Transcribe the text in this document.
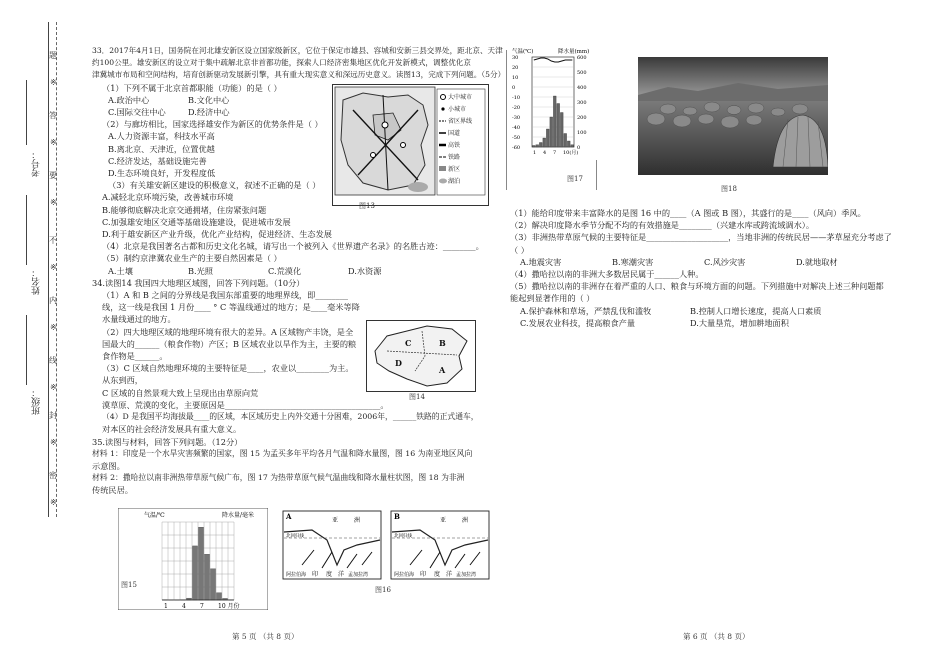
题
※
答
※
要
※
不
※
内
※
线
※
封
※
密
※
考号：
姓名：
班级：

33．2017年4月1日，国务院在河北雄安新区设立国家级新区，它位于保定市雄县、容城和安新三县交界处，距北京、天津

约100公里。雄安新区的设立对于集中疏解北京非首都功能，探索人口经济密集地区优化开发新模式，调整优化京

津冀城市布局和空间结构，培育创新驱动发展新引擎，具有重大现实意义和深远历史意义。读图13，完成下列问题。（5分）

（1）下列不属于北京首都职能（功能）的是（ ）

A.政治中心	B.文化中心

C.国际交往中心	D.经济中心

（2）与廊坊相比，国家选择雄安作为新区的优势条件是（ ）

A.人力资源丰富，科技水平高

B.离北京、天津近，位置优越

C.经济发达，基础设施完善

D.生态环境良好，开发程度低

（3）有关雄安新区建设的积极意义，叙述不正确的是（ ）

A.减轻北京环境污染，改善城市环境

B.能够彻底解决北京交通拥堵，住房紧张问题

C.加强雄安地区交通等基础设施建设，促进城市发展

D.利于雄安新区产业升级，优化产业结构，促进经济、生态发展

（4）北京是我国著名古都和历史文化名城，请写出一个被列入《世界遗产名录》的名胜古迹：________。

（5）制约京津冀农业生产的主要自然因素是（ ）

A.土壤	B.光照	C.荒漠化	D.水资源

34.读图14 我国四大地理区域图，回答下列问题。（10分）

（1）A 和 B 之间的分界线是我国东部重要的地理界线，即________

线，这一线是我国 1 月份____ ° C 等温线通过的地方；是____毫米等降

水量线通过的地方。

（2）四大地理区域的地理环境有很大的差异。A 区域物产丰饶，是全

国最大的______（粮食作物）产区；B 区域农业以旱作为主，主要的粮

食作物是______。

（3）C 区域自然地理环境的主要特征是____，农业以________为主。

从东到西，

C 区域的自然景观大致上呈现出由草原向荒

漠草原、荒漠的变化，主要原因是______________________________________。

（4）D 是我国平均海拔最____的区域，本区域历史上内外交通十分困难，2006年，______铁路的正式通车，

对本区的社会经济发展具有重大意义。

35.读图与材料，回答下列问题。（12分）

材料 1：印度是一个水旱灾害频繁的国家，图 15 为孟买多年平均各月气温和降水量图，图 16 为南亚地区风向

示意图。

材料 2：撒哈拉以南非洲热带草原气候广布，图 17 为热带草原气候气温曲线和降水量柱状图，图 18 为非洲

传统民居。

大中城市
小城市
省区界线
国道
高铁
铁路
新区
湖泊
图13
A
B
C
D
图14
气温/℃	降水量/毫米
1 4 7 10 月份
图15
A	亚	洲
北回归线
阿拉伯海	孟加拉湾
印 度 洋
B	亚	洲
北回归线
阿拉伯海	孟加拉湾
印 度 洋
图16
气温(℃)	降水量(mm)
30
20
10
0
-10
-20
-30
-40
-50
-60
600
500
400
300
200
100
0
1 4 7 10(月)
图17
图18

（1）能给印度带来丰富降水的是图 16 中的____（A 图或 B 图），其盛行的是____（风向）季风。

（2）解决印度降水季节分配不均的有效措施是________（兴建水库或跨流域调水）。

（3）非洲热带草原气候的主要特征是____________________，当地非洲的传统民居——茅草屋充分考虑了

（ ）

A.地震灾害	B.寒潮灾害	C.风沙灾害	D.就地取材

（4）撒哈拉以南的非洲大多数居民属于______人种。

（5）撒哈拉以南的非洲存在着严重的人口、粮食与环境方面的问题。下列措施中对解决上述三种问题都

能起到显著作用的（ ）

A.保护森林和草场，严禁乱伐和滥牧	B.控制人口增长速度，提高人口素质

C.发展农业科技，提高粮食产量	D.大量垦荒，增加耕地面积

第 5 页 （共 8 页）	第 6 页 （共 8 页）
